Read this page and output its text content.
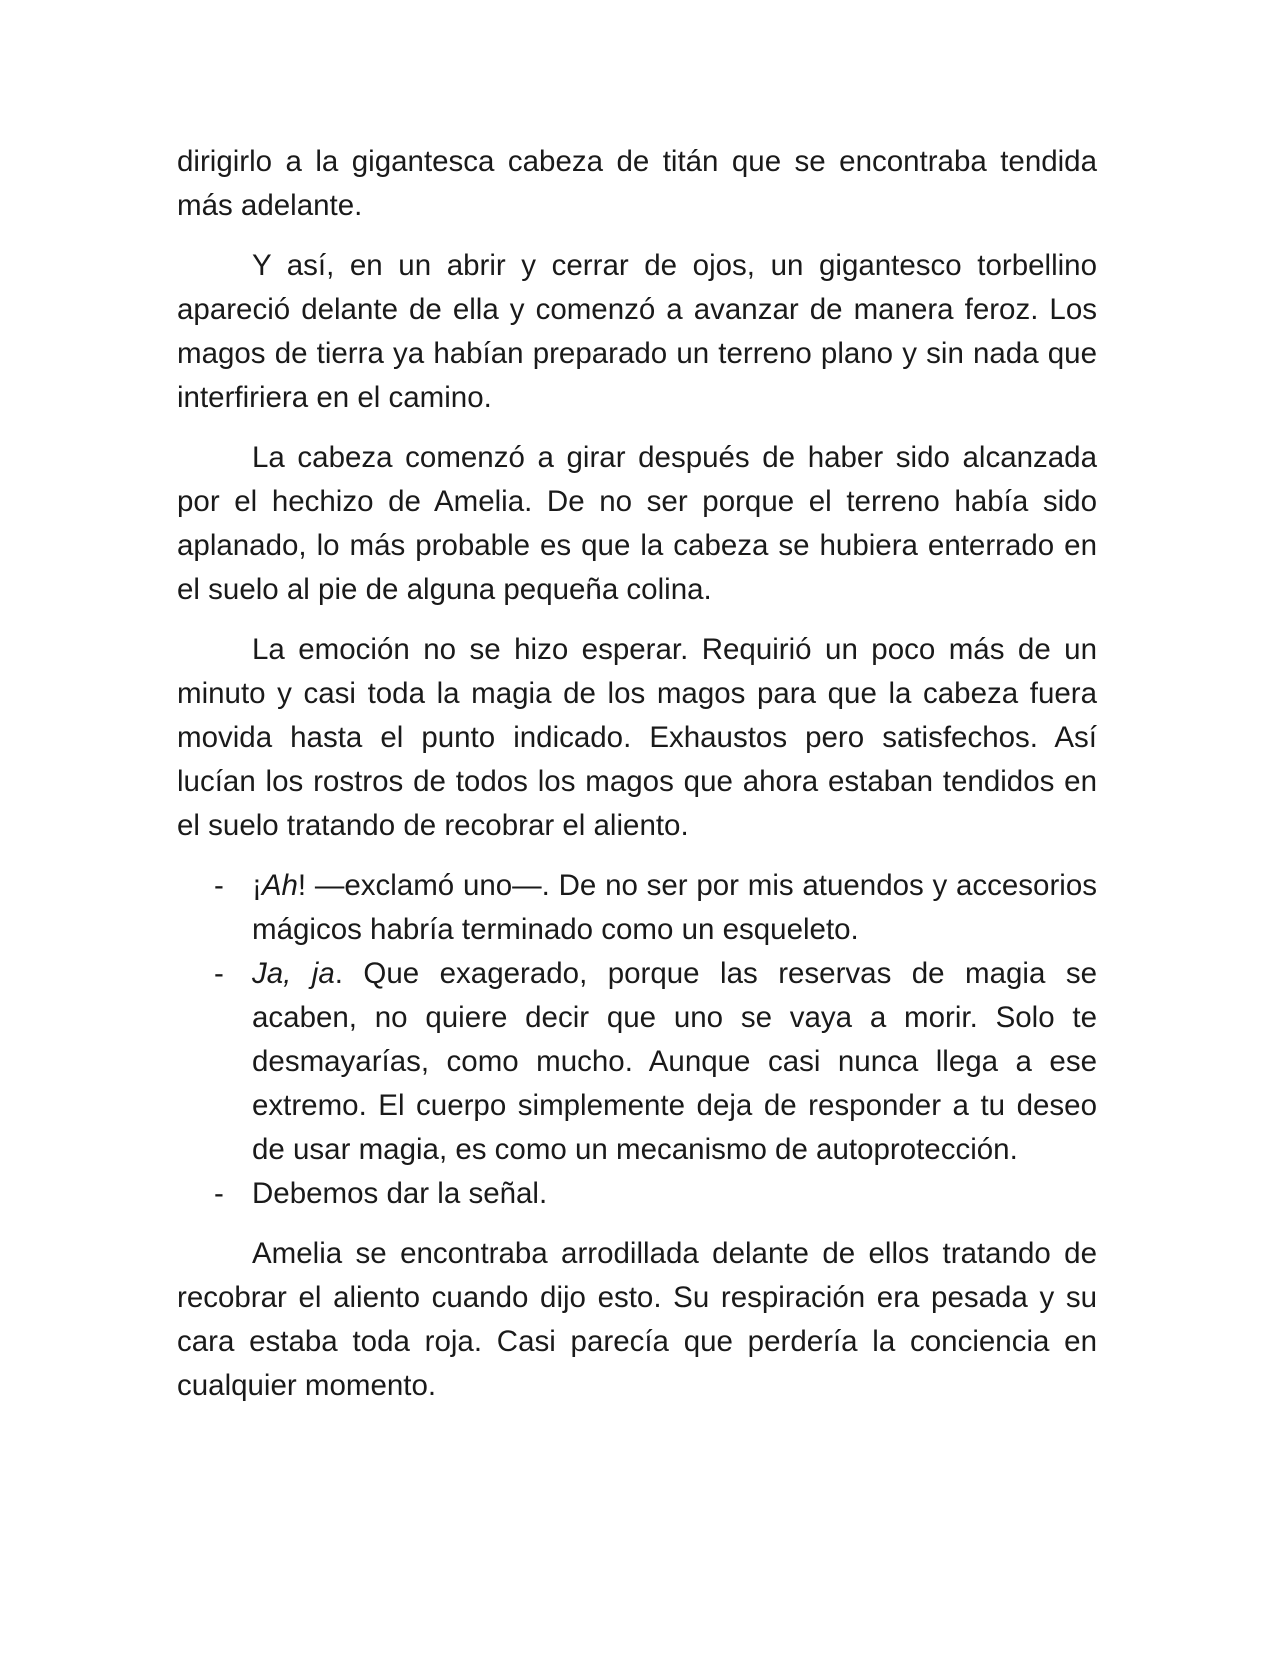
dirigirlo a la gigantesca cabeza de titán que se encontraba tendida más adelante.

Y así, en un abrir y cerrar de ojos, un gigantesco torbellino apareció delante de ella y comenzó a avanzar de manera feroz. Los magos de tierra ya habían preparado un terreno plano y sin nada que interfiriera en el camino.

La cabeza comenzó a girar después de haber sido alcanzada por el hechizo de Amelia. De no ser porque el terreno había sido aplanado, lo más probable es que la cabeza se hubiera enterrado en el suelo al pie de alguna pequeña colina.

La emoción no se hizo esperar. Requirió un poco más de un minuto y casi toda la magia de los magos para que la cabeza fuera movida hasta el punto indicado. Exhaustos pero satisfechos. Así lucían los rostros de todos los magos que ahora estaban tendidos en el suelo tratando de recobrar el aliento.

- ¡Ah! —exclamó uno—. De no ser por mis atuendos y accesorios mágicos habría terminado como un esqueleto.
- Ja, ja. Que exagerado, porque las reservas de magia se acaben, no quiere decir que uno se vaya a morir. Solo te desmayarías, como mucho. Aunque casi nunca llega a ese extremo. El cuerpo simplemente deja de responder a tu deseo de usar magia, es como un mecanismo de autoprotección.
- Debemos dar la señal.

Amelia se encontraba arrodillada delante de ellos tratando de recobrar el aliento cuando dijo esto. Su respiración era pesada y su cara estaba toda roja. Casi parecía que perdería la conciencia en cualquier momento.
